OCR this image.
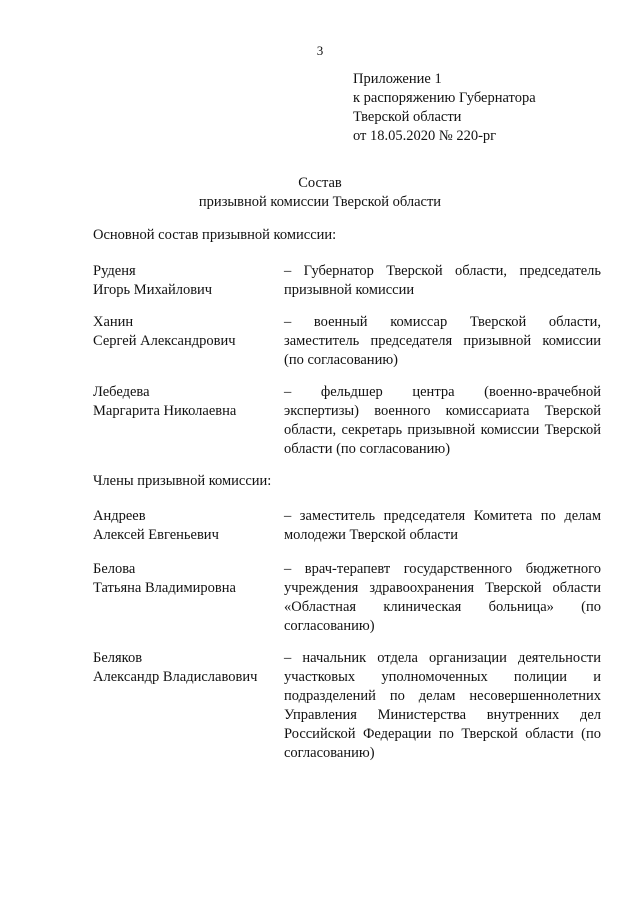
3
Приложение 1
к распоряжению Губернатора
Тверской области
от 18.05.2020 № 220-рг
Состав
призывной комиссии Тверской области
Основной состав призывной комиссии:
Руденя
Игорь Михайлович
– Губернатор Тверской области, председатель призывной комиссии
Ханин
Сергей Александрович
– военный комиссар Тверской области, заместитель председателя призывной комиссии (по согласованию)
Лебедева
Маргарита Николаевна
– фельдшер центра (военно-врачебной экспертизы) военного комиссариата Тверской области, секретарь призывной комиссии Тверской области (по согласованию)
Члены призывной комиссии:
Андреев
Алексей Евгеньевич
– заместитель председателя Комитета по делам молодежи Тверской области
Белова
Татьяна Владимировна
– врач-терапевт государственного бюджетного учреждения здравоохранения Тверской области «Областная клиническая больница» (по согласованию)
Беляков
Александр Владиславович
– начальник отдела организации деятельности участковых уполномоченных полиции и подразделений по делам несовершеннолетних Управления Министерства внутренних дел Российской Федерации по Тверской области (по согласованию)
